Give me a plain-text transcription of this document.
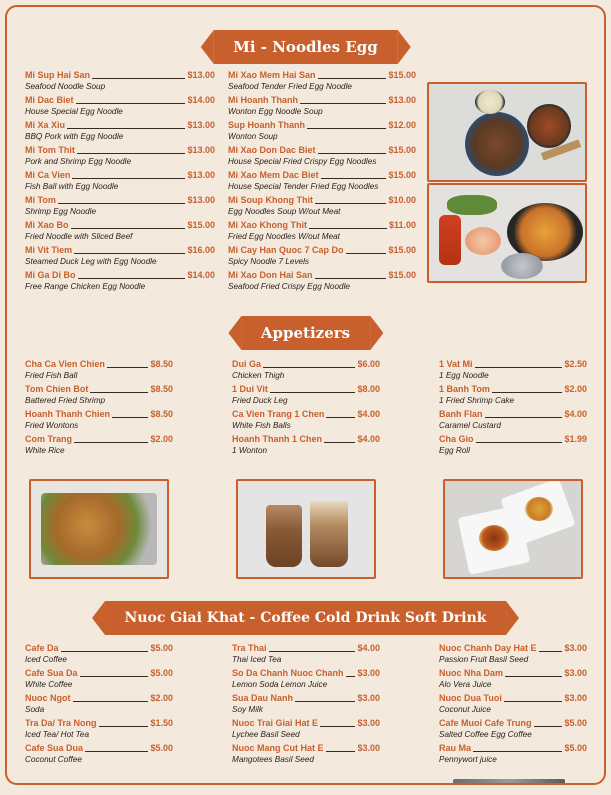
Mi - Noodles Egg
Mi Sup Hai San	$13.00
Seafood Noodle Soup
Mi Dac Biet	$14.00
House Special Egg Noodle
Mi Xa Xiu	$13.00
BBQ Pork with Egg Noodle
Mi Tom Thit	$13.00
Pork and Shrimp Egg Noodle
Mi Ca Vien	$13.00
Fish Ball with Egg Noodle
Mi Tom	$13.00
Shrimp Egg Noodle
Mi Xao Bo	$15.00
Fried Noodle with Sliced Beef
Mi Vit Tiem	$16.00
Steamed Duck Leg with Egg Noodle
Mi Ga Di Bo	$14.00
Free Range Chicken Egg Noodle
Mi Xao Mem Hai San	$15.00
Seafood Tender Fried Egg Noodle
Mi Hoanh Thanh	$13.00
Wonton Egg Noodle Soup
Sup Hoanh Thanh	$12.00
Wonton Soup
Mi Xao Don Dac Biet	$15.00
House Special Fried Crispy Egg Noodles
Mi Xao Mem Dac Biet	$15.00
House Special Tender Fried Egg Noodles
Mi Soup Khong Thit	$10.00
Egg Noodles Soup W/out Meat
Mi Xao Khong Thit	$11.00
Fried Egg Noodles W/out Meat
Mi Cay Han Quoc 7 Cap Do	$15.00
Spicy Noodle 7 Levels
Mi Xao Don Hai San	$15.00
Seafood Fried Crispy Egg Noodle
Appetizers
Cha Ca Vien Chien	$8.50
Fried Fish Ball
Tom Chien Bot	$8.50
Battered Fried Shrimp
Hoanh Thanh Chien	$8.50
Fried Wontons
Com Trang	$2.00
White Rice
Dui Ga	$6.00
Chicken Thigh
1 Dui Vit	$8.00
Fried Duck Leg
Ca Vien Trang 1 Chen	$4.00
White Fish Balls
Hoanh Thanh 1 Chen	$4.00
1 Wonton
1 Vat Mi	$2.50
1 Egg Noodle
1 Banh Tom	$2.00
1 Fried Shrimp Cake
Banh Flan	$4.00
Caramel Custard
Cha Gio	$1.99
Egg Roll
Nuoc Giai Khat - Coffee Cold Drink Soft Drink
Cafe Da	$5.00
Iced Coffee
Cafe Sua Da	$5.00
White Coffee
Nuoc Ngot	$2.00
Soda
Tra Da/ Tra Nong	$1.50
Iced Tea/ Hot Tea
Cafe Sua Dua	$5.00
Coconut Coffee
Tra Thai	$4.00
Thai Iced Tea
So Da Chanh Nuoc Chanh $3.00
Lemon Soda Lemon Juice
Sua Dau Nanh	$3.00
Soy Milk
Nuoc Trai Giai Hat E	$3.00
Lychee Basil Seed
Nuoc Mang Cut Hat E	$3.00
Mangotees Basil Seed
Nuoc Chanh Day Hat E	$3.00
Passion Fruit Basil Seed
Nuoc Nha Dam	$3.00
Alo Vera Juice
Nuoc Dua Tuoi	$3.00
Coconut Juice
Cafe Muoi Cafe Trung	$5.00
Salted Coffee Egg Coffee
Rau Ma	$5.00
Pennywort juice
